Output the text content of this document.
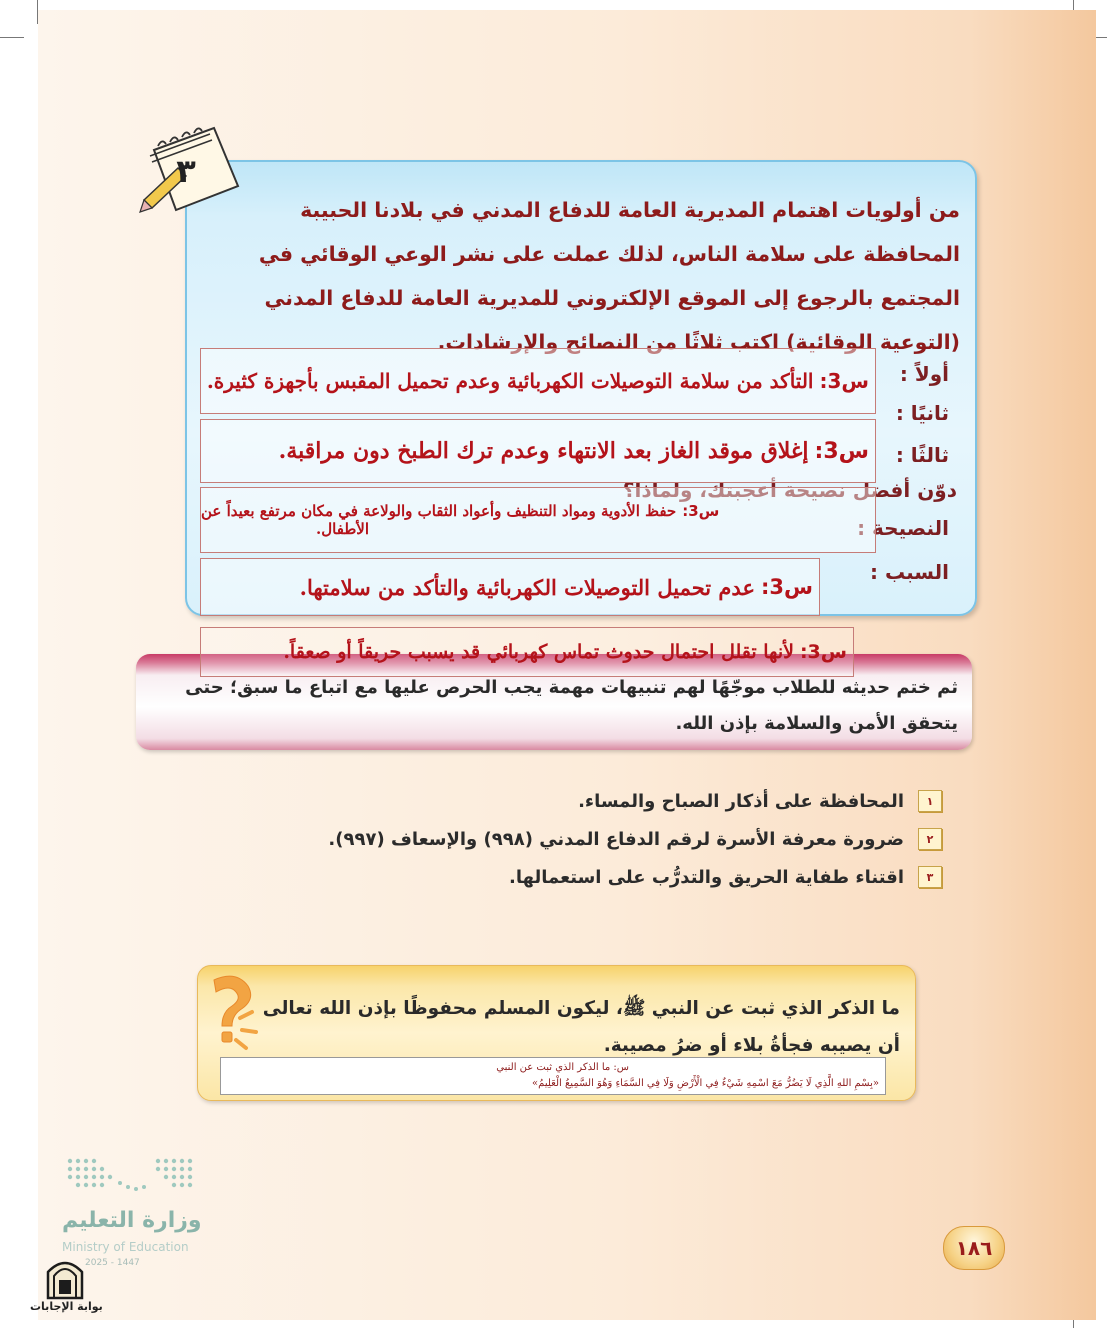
٣
من أولويات اهتمام المديرية العامة للدفاع المدني في بلادنا الحبيبة المحافظة على سلامة الناس، لذلك عملت على نشر الوعي الوقائي في المجتمع بالرجوع إلى الموقع الإلكتروني للمديرية العامة للدفاع المدني (التوعية الوقائية) اكتب ثلاثًا من النصائح والإرشادات.
أولاً :
ثانيًا :
ثالثًا :
دوّن أفضل نصيحة أعجبتك، ولماذا؟
النصيحة :
السبب :
س3:
التأكد من سلامة التوصيلات الكهربائية وعدم تحميل المقبس بأجهزة كثيرة.
س3:
إغلاق موقد الغاز بعد الانتهاء وعدم ترك الطبخ دون مراقبة.
س3:حفظ الأدوية ومواد التنظيف وأعواد الثقاب والولاعة في مكان مرتفع بعيداً عن
الأطفال.
س3:
عدم تحميل التوصيلات الكهربائية والتأكد من سلامتها.
ثم ختم حديثه للطلاب موجّهًا لهم تنبيهات مهمة يجب الحرص عليها مع اتباع ما سبق؛ حتى يتحقق الأمن والسلامة بإذن الله.
س3:
لأنها تقلل احتمال حدوث تماس كهربائي قد يسبب حريقاً أو صعقاً.
١
المحافظة على أذكار الصباح والمساء.
٢
ضرورة معرفة الأسرة لرقم الدفاع المدني (٩٩٨) والإسعاف (٩٩٧).
٣
اقتناء طفاية الحريق والتدرُّب على استعمالها.
ما الذكر الذي ثبت عن النبي ﷺ، ليكون المسلم محفوظًا بإذن الله تعالى
أن يصيبه فجأةُ بلاء أو ضرُ مصيبة.
س: ما الذكر الذي ثبت عن النبي
«بِسْمِ اللهِ الَّذِي لَا يَضُرُّ مَعَ اسْمِهِ شَيْءٌ فِي الْأَرْضِ وَلَا فِي السَّمَاءِ وَهُوَ السَّمِيعُ الْعَلِيمُ»
وزارة التعليم
Ministry of Education
2025 - 1447
بوابة الإجابات
١٨٦
